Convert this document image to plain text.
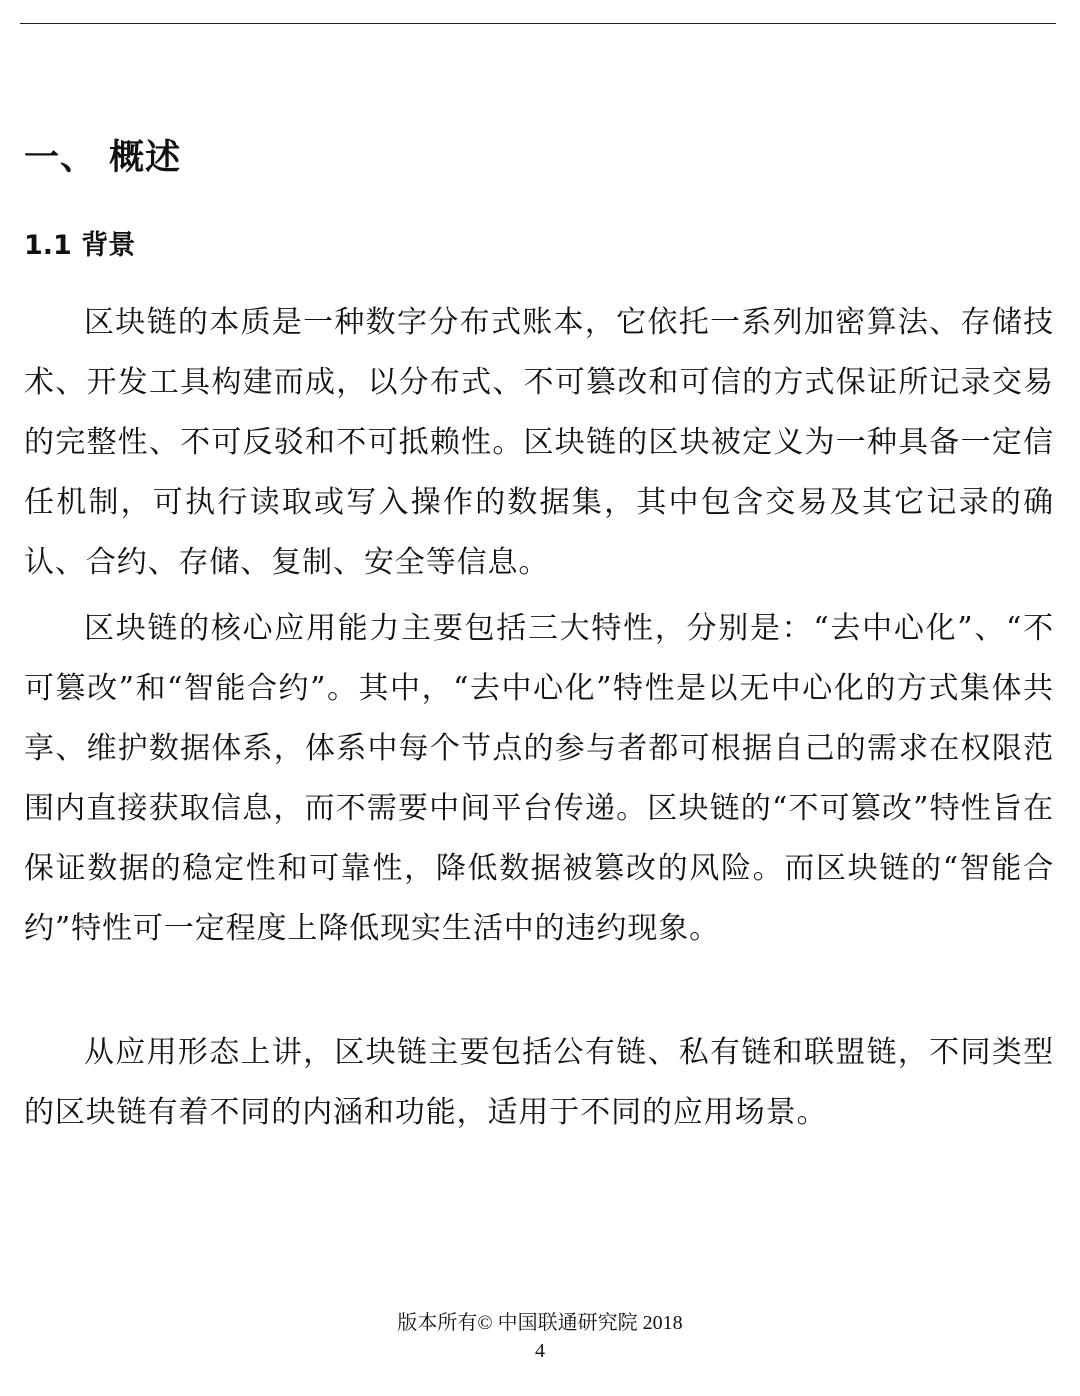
一、 概述
1.1 背景

区块链的本质是一种数字分布式账本，它依托一系列加密算法、存储技术、开发工具构建而成，以分布式、不可篡改和可信的方式保证所记录交易的完整性、不可反驳和不可抵赖性。区块链的区块被定义为一种具备一定信任机制，可执行读取或写入操作的数据集，其中包含交易及其它记录的确认、合约、存储、复制、安全等信息。

区块链的核心应用能力主要包括三大特性，分别是：“去中心化”、“不可篡改”和“智能合约”。其中，“去中心化”特性是以无中心化的方式集体共享、维护数据体系，体系中每个节点的参与者都可根据自己的需求在权限范围内直接获取信息，而不需要中间平台传递。区块链的“不可篡改”特性旨在保证数据的稳定性和可靠性，降低数据被篡改的风险。而区块链的“智能合约”特性可一定程度上降低现实生活中的违约现象。

从应用形态上讲，区块链主要包括公有链、私有链和联盟链，不同类型的区块链有着不同的内涵和功能，适用于不同的应用场景。

版本所有© 中国联通研究院 2018
4
